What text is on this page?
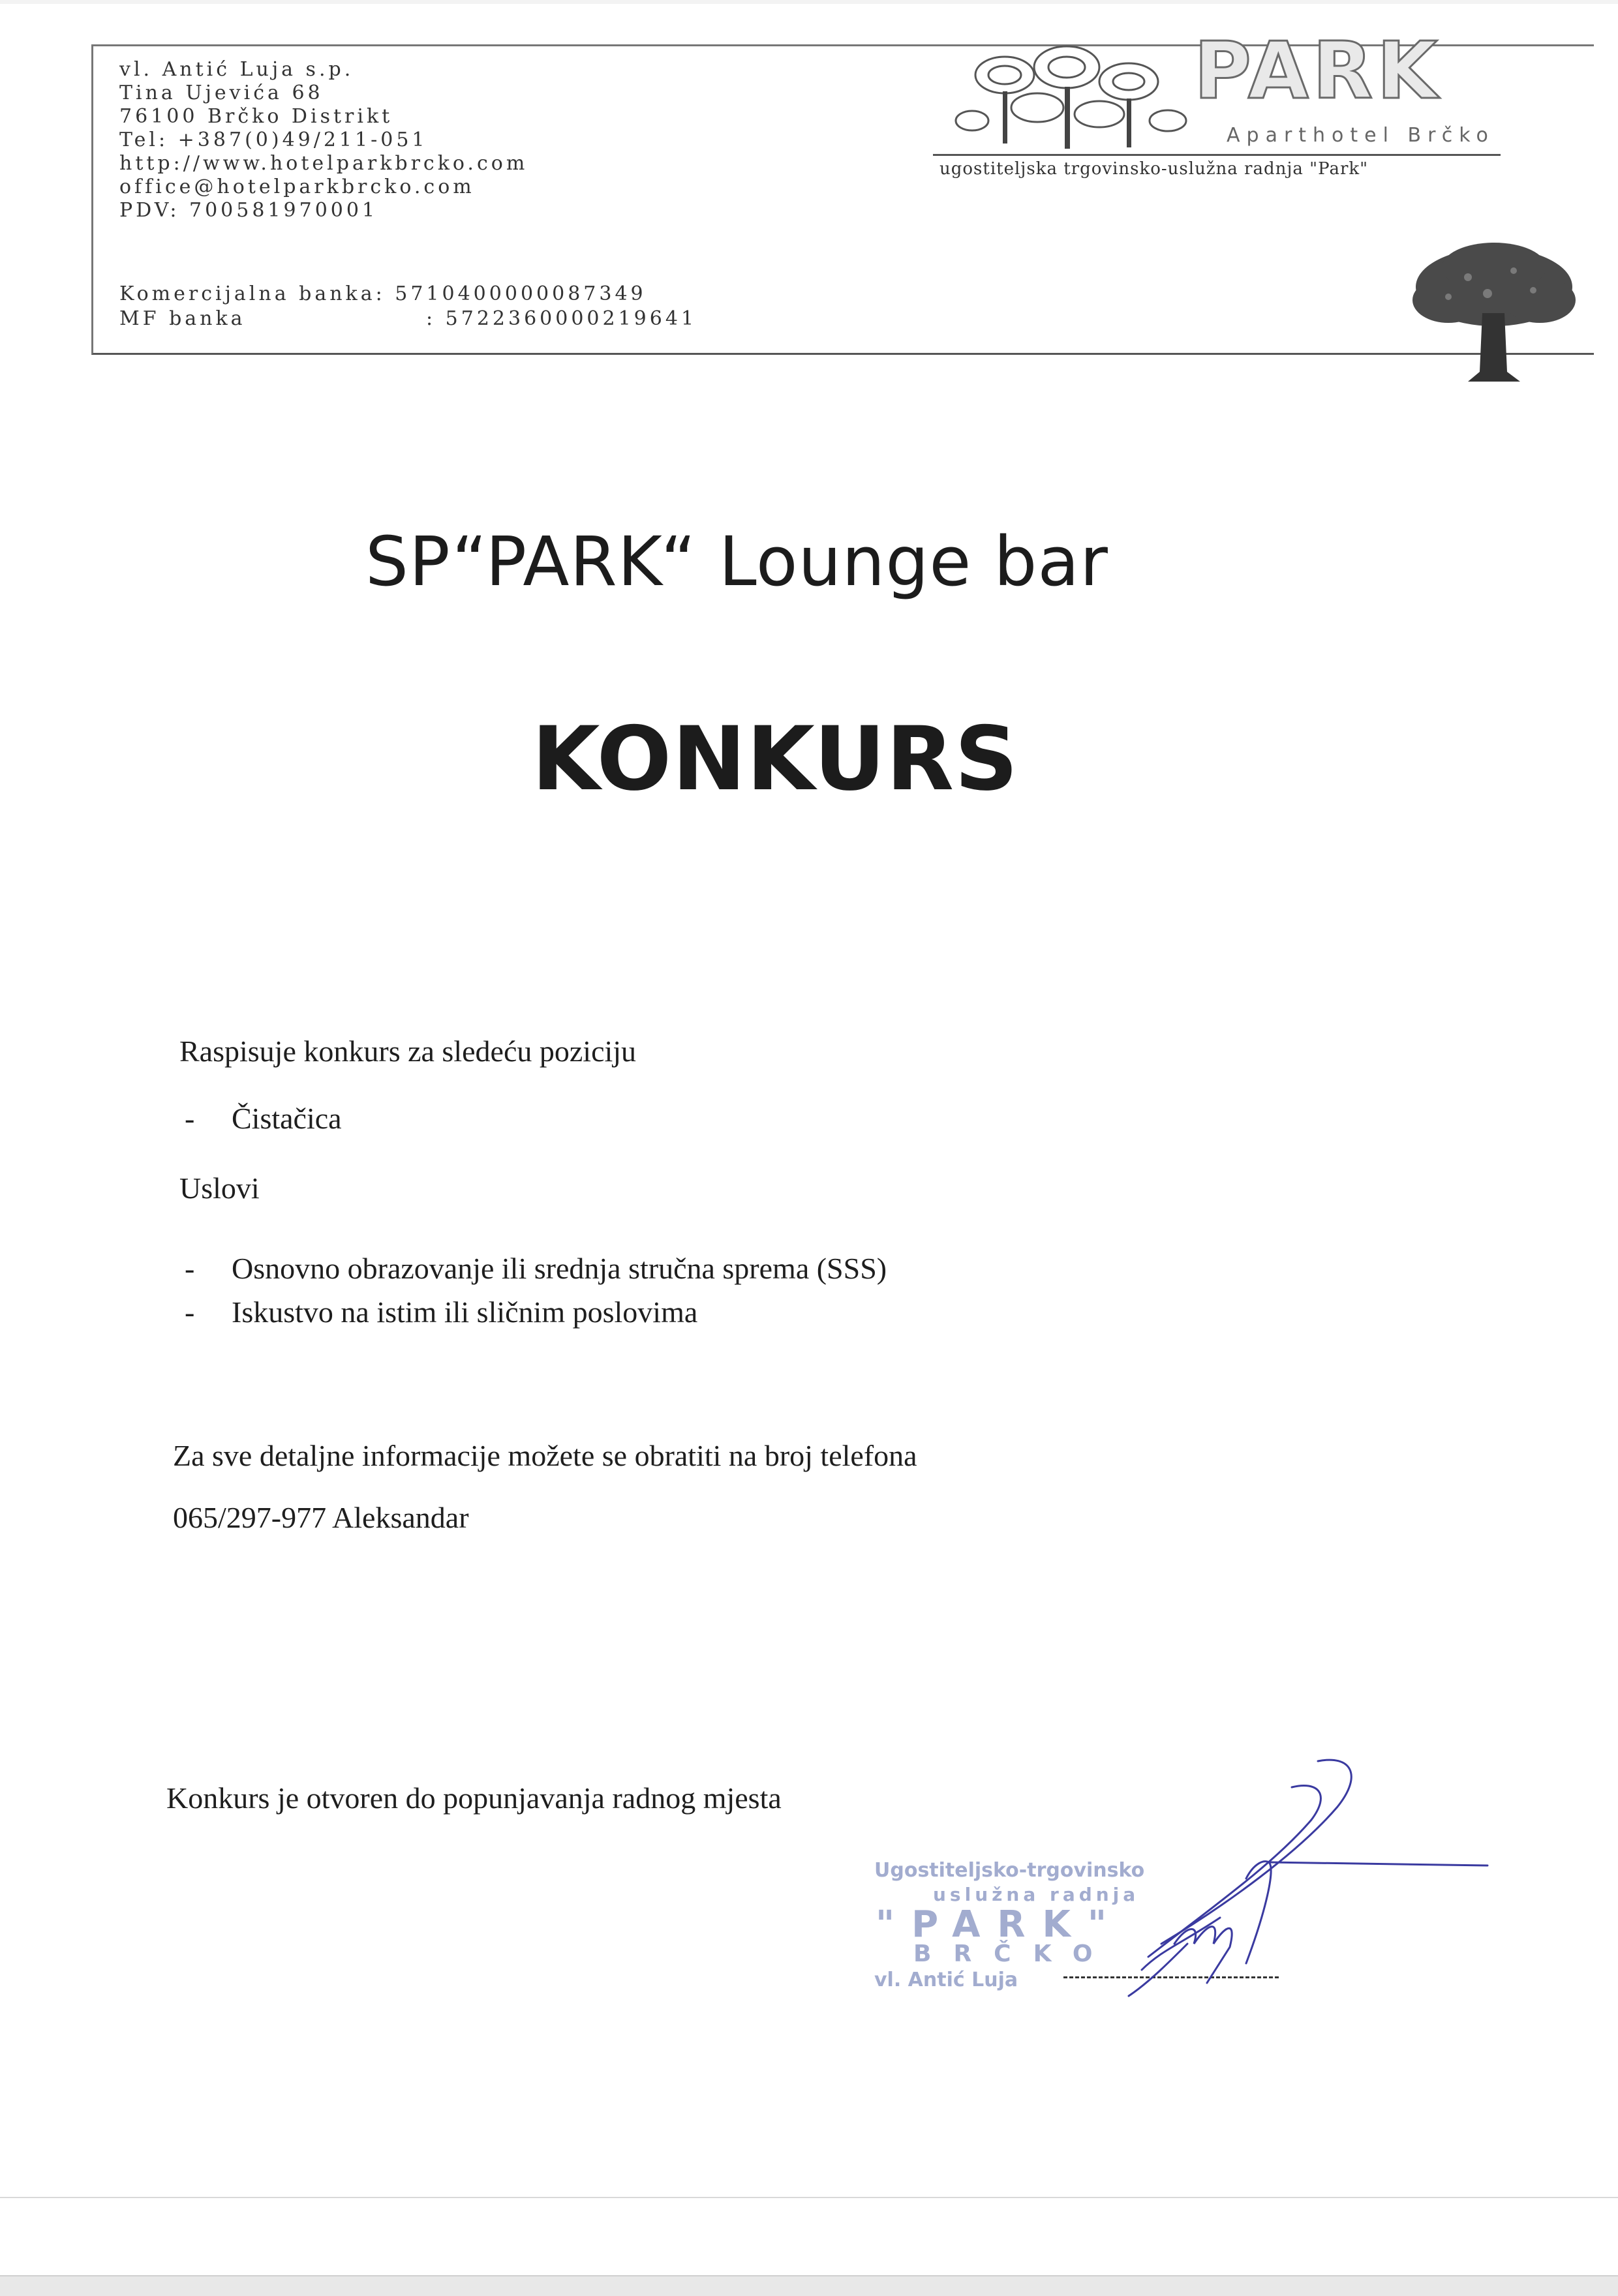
vl. Antić Luja s.p.
Tina Ujevića 68
76100 Brčko Distrikt
Tel: +387(0)49/211-051
http://www.hotelparkbrcko.com
office@hotelparkbrcko.com
PDV: 700581970001
Komercijalna banka: 5710400000087349
MF banka	: 5722360000219641
PARK
Aparthotel Brčko
ugostiteljska trgovinsko-uslužna radnja "Park"
SP“PARK“ Lounge bar
KONKURS
Raspisuje konkurs za sledeću poziciju
- Čistačica
Uslovi
- Osnovno obrazovanje ili srednja stručna sprema (SSS)
- Iskustvo na istim ili sličnim poslovima
Za sve detaljne informacije možete se obratiti na broj telefona
065/297-977 Aleksandar
Konkurs je otvoren do popunjavanja radnog mjesta
Ugostiteljsko-trgovinsko
uslužna radnja
"PARK"
BRČKO
vl. Antić Luja
